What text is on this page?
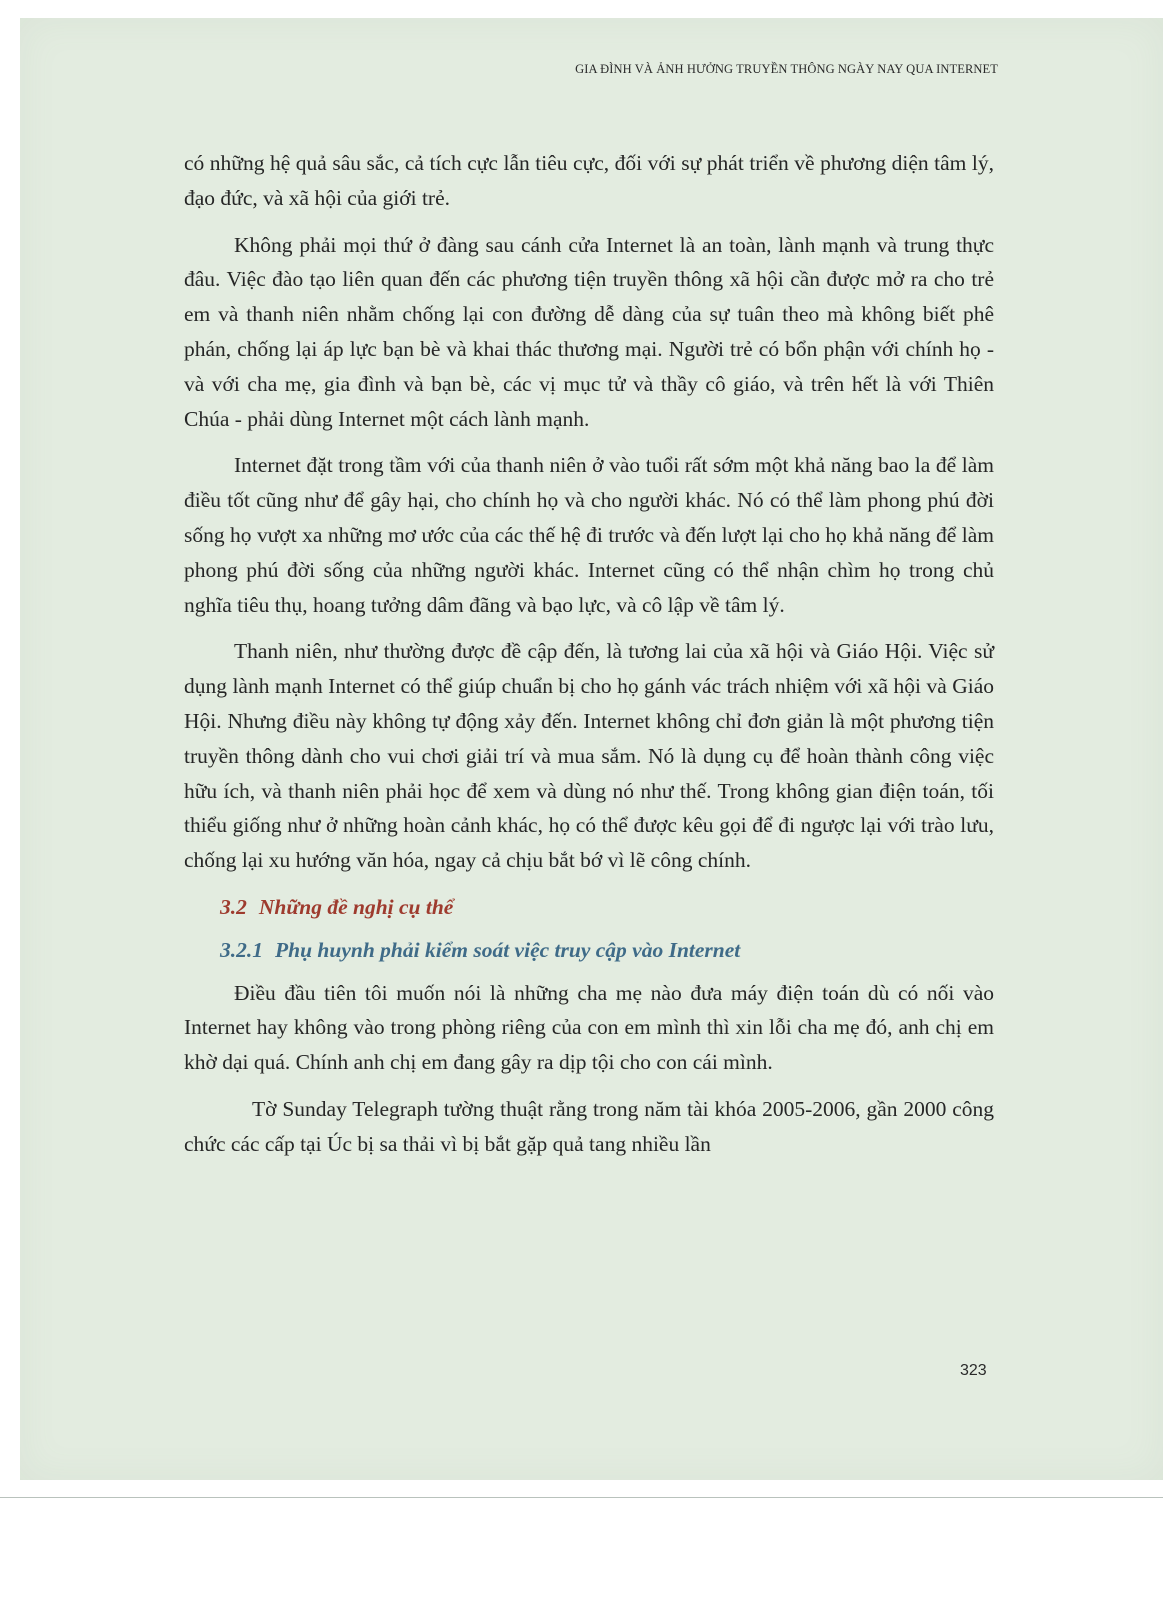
GIA ĐÌNH VÀ ẢNH HƯỞNG TRUYỀN THÔNG NGÀY NAY QUA INTERNET

có những hệ quả sâu sắc, cả tích cực lẫn tiêu cực, đối với sự phát triển về phương diện tâm lý, đạo đức, và xã hội của giới trẻ.

Không phải mọi thứ ở đàng sau cánh cửa Internet là an toàn, lành mạnh và trung thực đâu. Việc đào tạo liên quan đến các phương tiện truyền thông xã hội cần được mở ra cho trẻ em và thanh niên nhằm chống lại con đường dễ dàng của sự tuân theo mà không biết phê phán, chống lại áp lực bạn bè và khai thác thương mại. Người trẻ có bổn phận với chính họ - và với cha mẹ, gia đình và bạn bè, các vị mục tử và thầy cô giáo, và trên hết là với Thiên Chúa - phải dùng Internet một cách lành mạnh.

Internet đặt trong tầm với của thanh niên ở vào tuổi rất sớm một khả năng bao la để làm điều tốt cũng như để gây hại, cho chính họ và cho người khác. Nó có thể làm phong phú đời sống họ vượt xa những mơ ước của các thế hệ đi trước và đến lượt lại cho họ khả năng để làm phong phú đời sống của những người khác. Internet cũng có thể nhận chìm họ trong chủ nghĩa tiêu thụ, hoang tưởng dâm đãng và bạo lực, và cô lập về tâm lý.

Thanh niên, như thường được đề cập đến, là tương lai của xã hội và Giáo Hội. Việc sử dụng lành mạnh Internet có thể giúp chuẩn bị cho họ gánh vác trách nhiệm với xã hội và Giáo Hội. Nhưng điều này không tự động xảy đến. Internet không chỉ đơn giản là một phương tiện truyền thông dành cho vui chơi giải trí và mua sắm. Nó là dụng cụ để hoàn thành công việc hữu ích, và thanh niên phải học để xem và dùng nó như thế. Trong không gian điện toán, tối thiểu giống như ở những hoàn cảnh khác, họ có thể được kêu gọi để đi ngược lại với trào lưu, chống lại xu hướng văn hóa, ngay cả chịu bắt bớ vì lẽ công chính.

3.2 Những đề nghị cụ thể
3.2.1 Phụ huynh phải kiểm soát việc truy cập vào Internet

Điều đầu tiên tôi muốn nói là những cha mẹ nào đưa máy điện toán dù có nối vào Internet hay không vào trong phòng riêng của con em mình thì xin lỗi cha mẹ đó, anh chị em khờ dại quá. Chính anh chị em đang gây ra dịp tội cho con cái mình.

Tờ Sunday Telegraph tường thuật rằng trong năm tài khóa 2005-2006, gần 2000 công chức các cấp tại Úc bị sa thải vì bị bắt gặp quả tang nhiều lần

323
